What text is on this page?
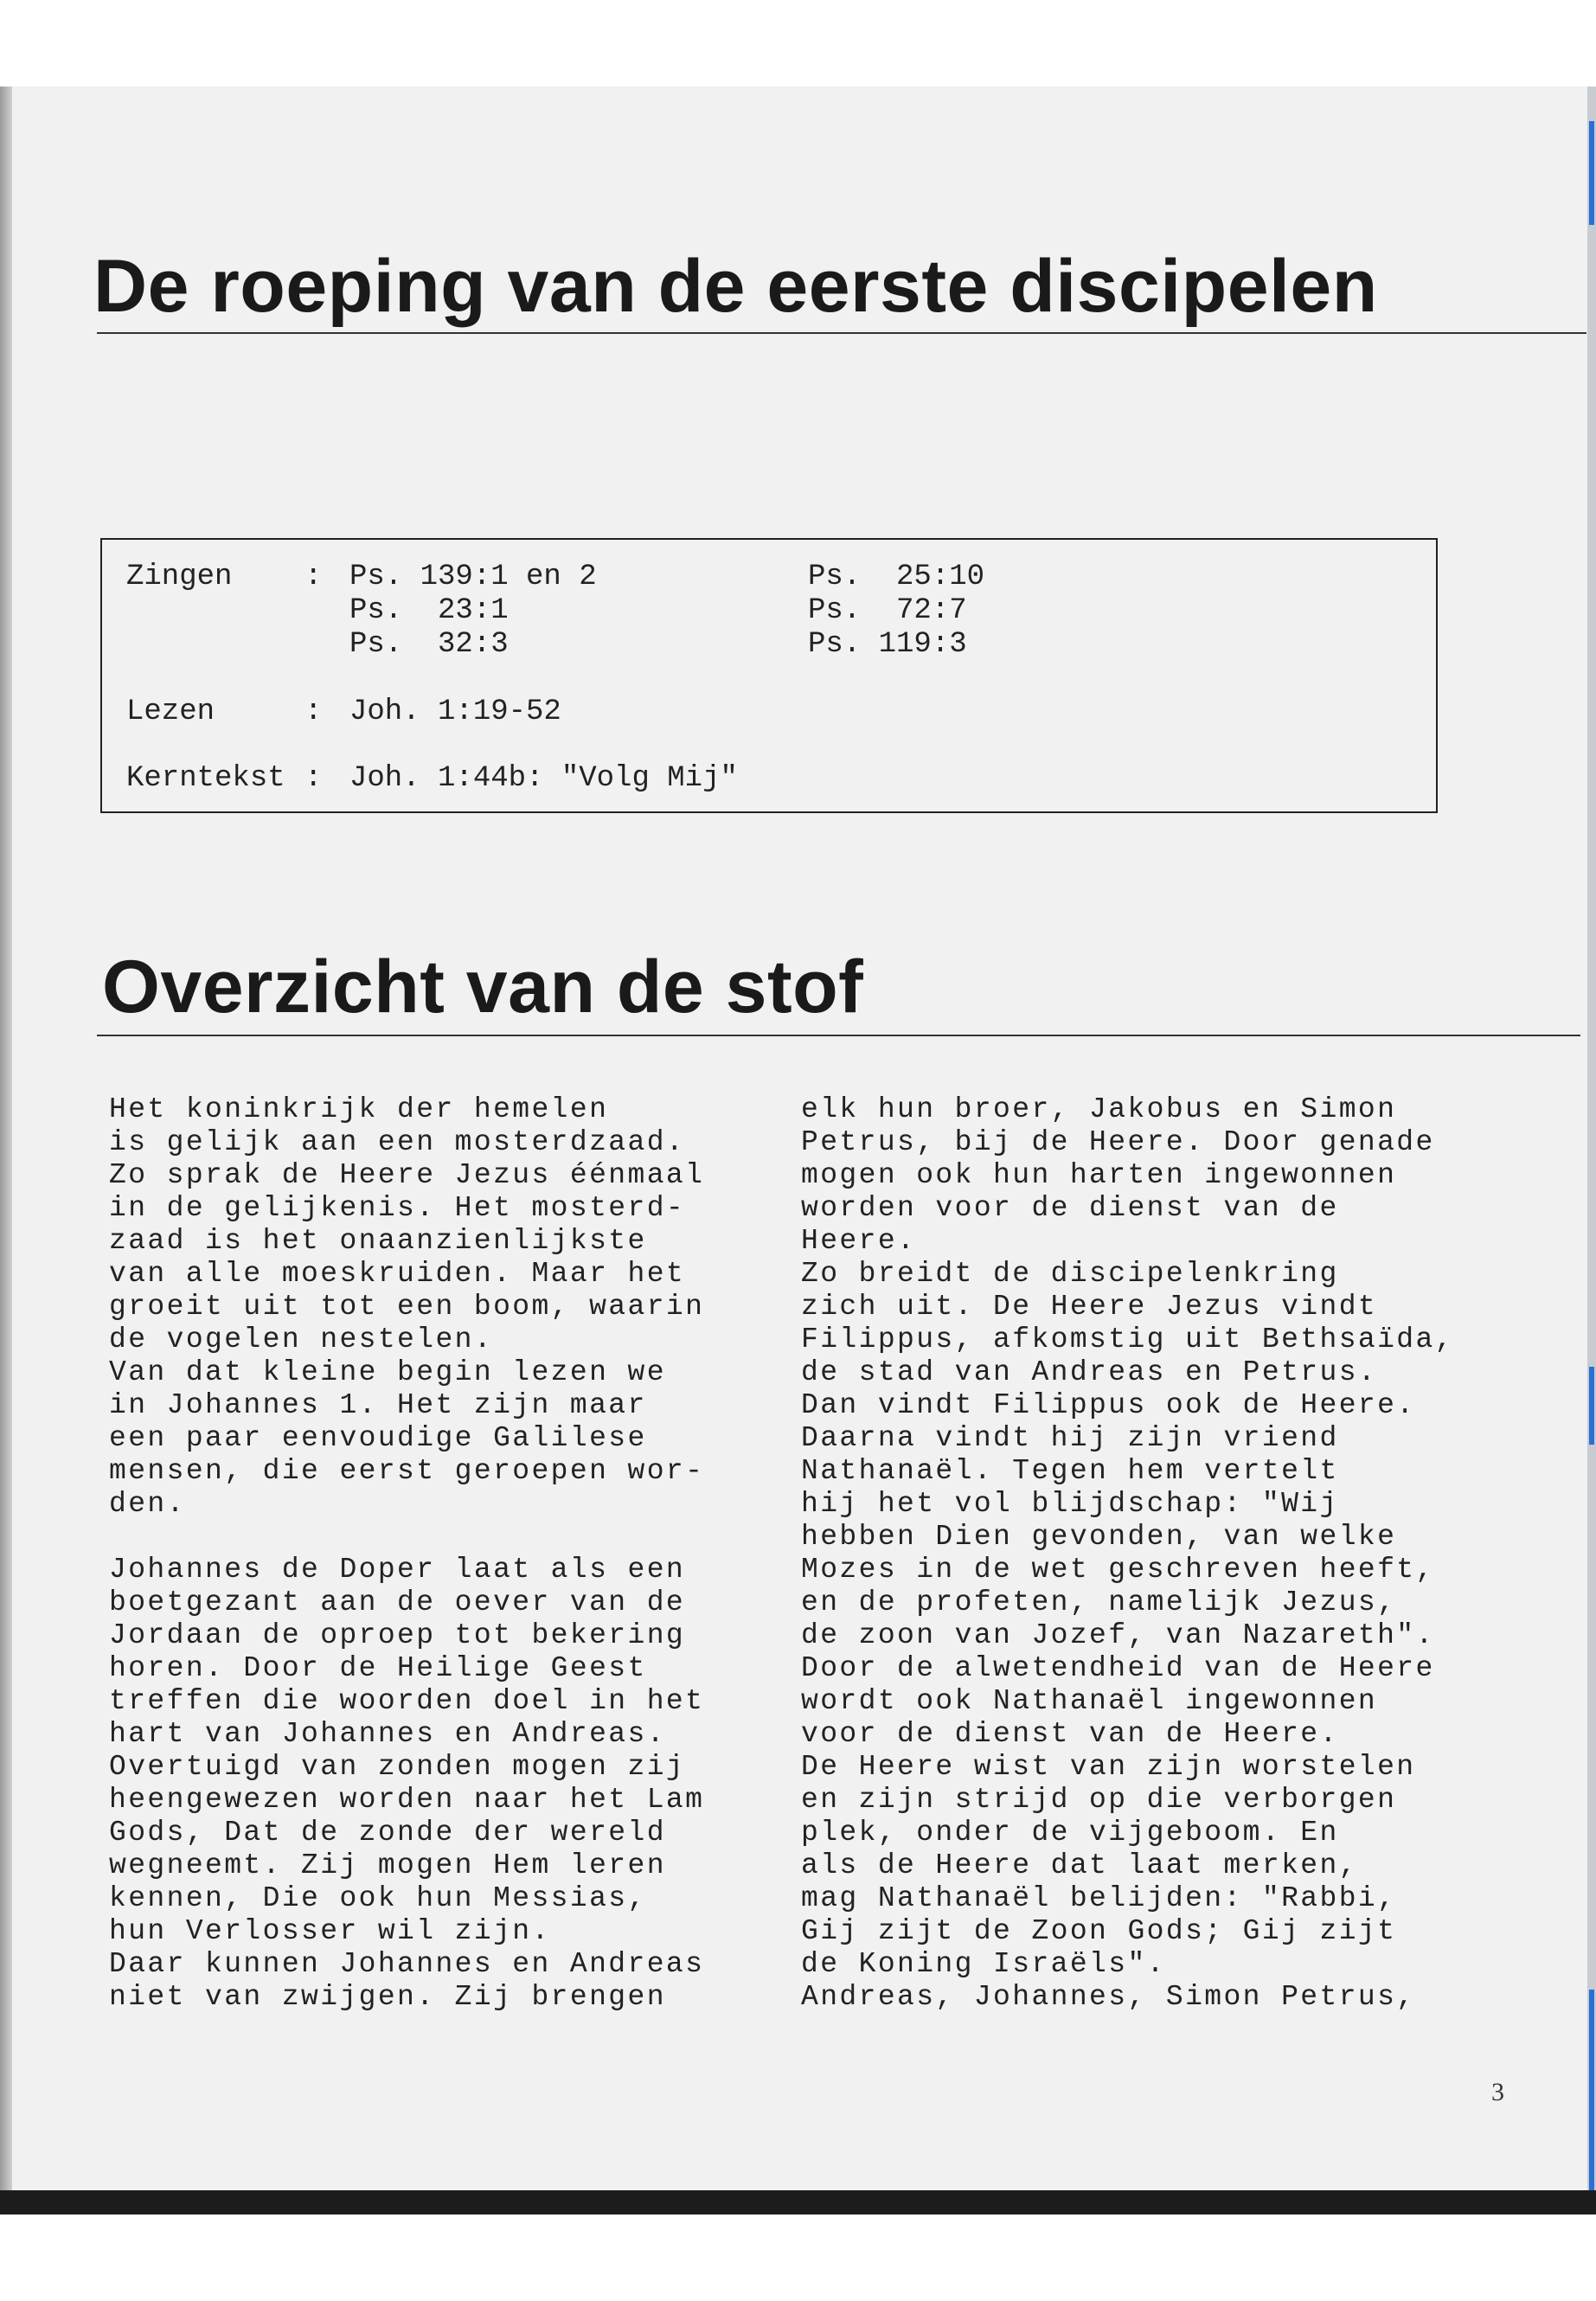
De roeping van de eerste discipelen
Zingen : Ps. 139:1 en 2
Ps.  23:1
Ps.  32:3
Ps.  25:10
Ps.  72:7
Ps. 119:3
Lezen	: Joh. 1:19-52
Kerntekst : Joh. 1:44b: "Volg Mij"
Overzicht van de stof

Het koninkrijk der hemelen

is gelijk aan een mosterdzaad.

Zo sprak de Heere Jezus éénmaal

in de gelijkenis. Het mosterd-

zaad is het onaanzienlijkste

van alle moeskruiden. Maar het

groeit uit tot een boom, waarin

de vogelen nestelen.

Van dat kleine begin lezen we

in Johannes 1. Het zijn maar

een paar eenvoudige Galilese

mensen, die eerst geroepen wor-

den.

Johannes de Doper laat als een

boetgezant aan de oever van de

Jordaan de oproep tot bekering

horen. Door de Heilige Geest

treffen die woorden doel in het

hart van Johannes en Andreas.

Overtuigd van zonden mogen zij

heengewezen worden naar het Lam

Gods, Dat de zonde der wereld

wegneemt. Zij mogen Hem leren

kennen, Die ook hun Messias,

hun Verlosser wil zijn.

Daar kunnen Johannes en Andreas

niet van zwijgen. Zij brengen

elk hun broer, Jakobus en Simon

Petrus, bij de Heere. Door genade

mogen ook hun harten ingewonnen

worden voor de dienst van de

Heere.

Zo breidt de discipelenkring

zich uit. De Heere Jezus vindt

Filippus, afkomstig uit Bethsaïda,

de stad van Andreas en Petrus.

Dan vindt Filippus ook de Heere.

Daarna vindt hij zijn vriend

Nathanaël. Tegen hem vertelt

hij het vol blijdschap: "Wij

hebben Dien gevonden, van welke

Mozes in de wet geschreven heeft,

en de profeten, namelijk Jezus,

de zoon van Jozef, van Nazareth".

Door de alwetendheid van de Heere

wordt ook Nathanaël ingewonnen

voor de dienst van de Heere.

De Heere wist van zijn worstelen

en zijn strijd op die verborgen

plek, onder de vijgeboom. En

als de Heere dat laat merken,

mag Nathanaël belijden: "Rabbi,

Gij zijt de Zoon Gods; Gij zijt

de Koning Israëls".

Andreas, Johannes, Simon Petrus,

3
